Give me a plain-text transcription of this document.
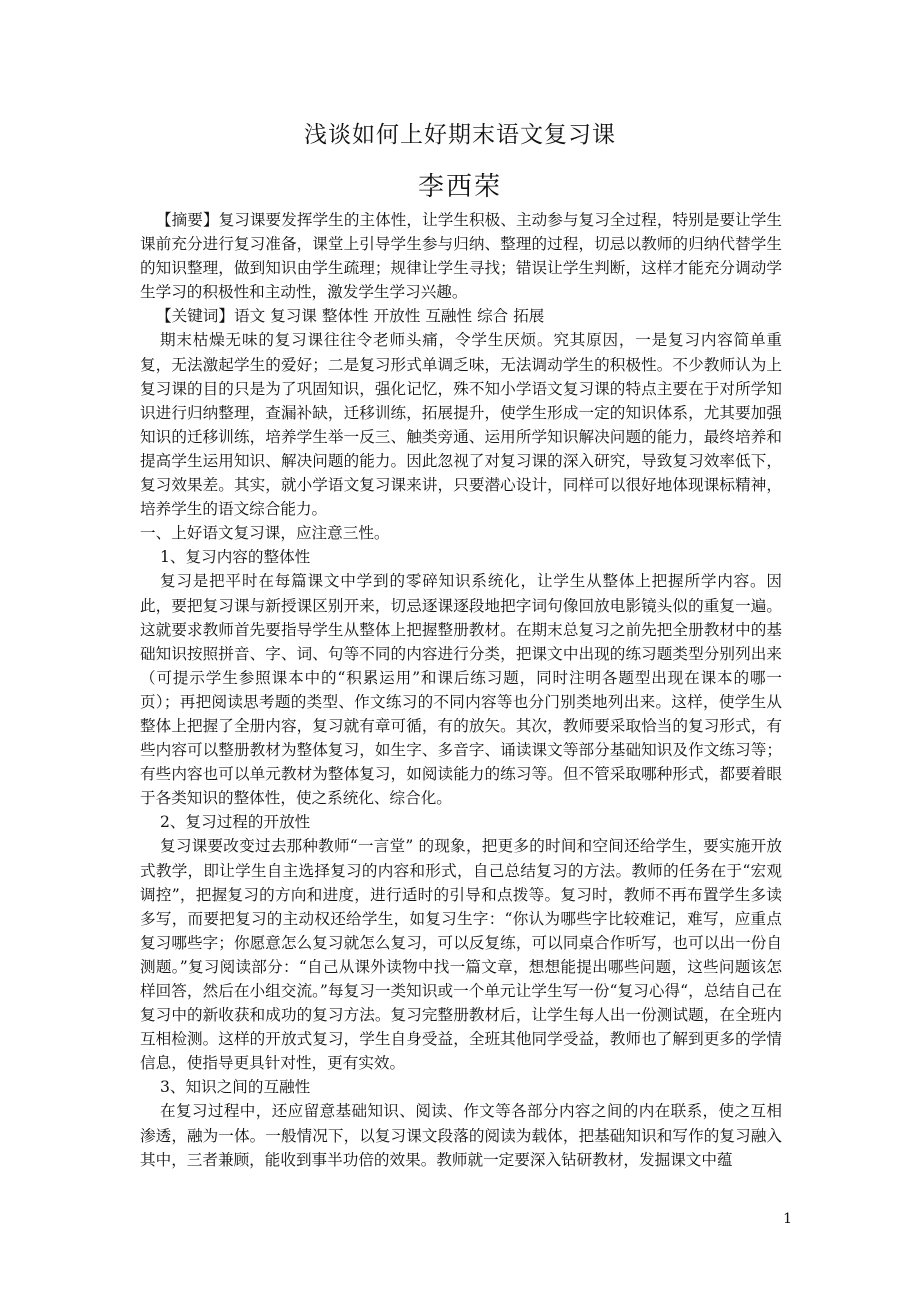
浅谈如何上好期末语文复习课
李西荣

【摘要】复习课要发挥学生的主体性，让学生积极、主动参与复习全过程，特别是要让学生课前充分进行复习准备，课堂上引导学生参与归纳、整理的过程，切忌以教师的归纳代替学生的知识整理，做到知识由学生疏理；规律让学生寻找；错误让学生判断，这样才能充分调动学生学习的积极性和主动性，激发学生学习兴趣。

【关键词】语文 复习课 整体性 开放性 互融性 综合 拓展

期末枯燥无味的复习课往往令老师头痛，令学生厌烦。究其原因，一是复习内容简单重复，无法激起学生的爱好；二是复习形式单调乏味，无法调动学生的积极性。不少教师认为上复习课的目的只是为了巩固知识，强化记忆，殊不知小学语文复习课的特点主要在于对所学知识进行归纳整理，查漏补缺，迁移训练，拓展提升，使学生形成一定的知识体系，尤其要加强知识的迁移训练，培养学生举一反三、触类旁通、运用所学知识解决问题的能力，最终培养和提高学生运用知识、解决问题的能力。因此忽视了对复习课的深入研究，导致复习效率低下，复习效果差。其实，就小学语文复习课来讲，只要潜心设计，同样可以很好地体现课标精神，培养学生的语文综合能力。

一、上好语文复习课，应注意三性。

1、复习内容的整体性

复习是把平时在每篇课文中学到的零碎知识系统化，让学生从整体上把握所学内容。因此，要把复习课与新授课区别开来，切忌逐课逐段地把字词句像回放电影镜头似的重复一遍。这就要求教师首先要指导学生从整体上把握整册教材。在期末总复习之前先把全册教材中的基础知识按照拼音、字、词、句等不同的内容进行分类，把课文中出现的练习题类型分别列出来（可提示学生参照课本中的“积累运用”和课后练习题，同时注明各题型出现在课本的哪一页）；再把阅读思考题的类型、作文练习的不同内容等也分门别类地列出来。这样，使学生从整体上把握了全册内容，复习就有章可循，有的放矢。其次，教师要采取恰当的复习形式，有些内容可以整册教材为整体复习，如生字、多音字、诵读课文等部分基础知识及作文练习等；有些内容也可以单元教材为整体复习，如阅读能力的练习等。但不管采取哪种形式，都要着眼于各类知识的整体性，使之系统化、综合化。

2、复习过程的开放性

复习课要改变过去那种教师“一言堂” 的现象，把更多的时间和空间还给学生，要实施开放式教学，即让学生自主选择复习的内容和形式，自己总结复习的方法。教师的任务在于“宏观调控”，把握复习的方向和进度，进行适时的引导和点拨等。复习时，教师不再布置学生多读多写，而要把复习的主动权还给学生，如复习生字：“你认为哪些字比较难记，难写，应重点复习哪些字；你愿意怎么复习就怎么复习，可以反复练，可以同桌合作听写，也可以出一份自测题。”复习阅读部分：“自己从课外读物中找一篇文章，想想能提出哪些问题，这些问题该怎样回答，然后在小组交流。”每复习一类知识或一个单元让学生写一份“复习心得“，总结自己在复习中的新收获和成功的复习方法。复习完整册教材后，让学生每人出一份测试题，在全班内互相检测。这样的开放式复习，学生自身受益，全班其他同学受益，教师也了解到更多的学情信息，使指导更具针对性，更有实效。

3、知识之间的互融性

在复习过程中，还应留意基础知识、阅读、作文等各部分内容之间的内在联系，使之互相渗透，融为一体。一般情况下，以复习课文段落的阅读为载体，把基础知识和写作的复习融入其中，三者兼顾，能收到事半功倍的效果。教师就一定要深入钻研教材，发掘课文中蕴

1
